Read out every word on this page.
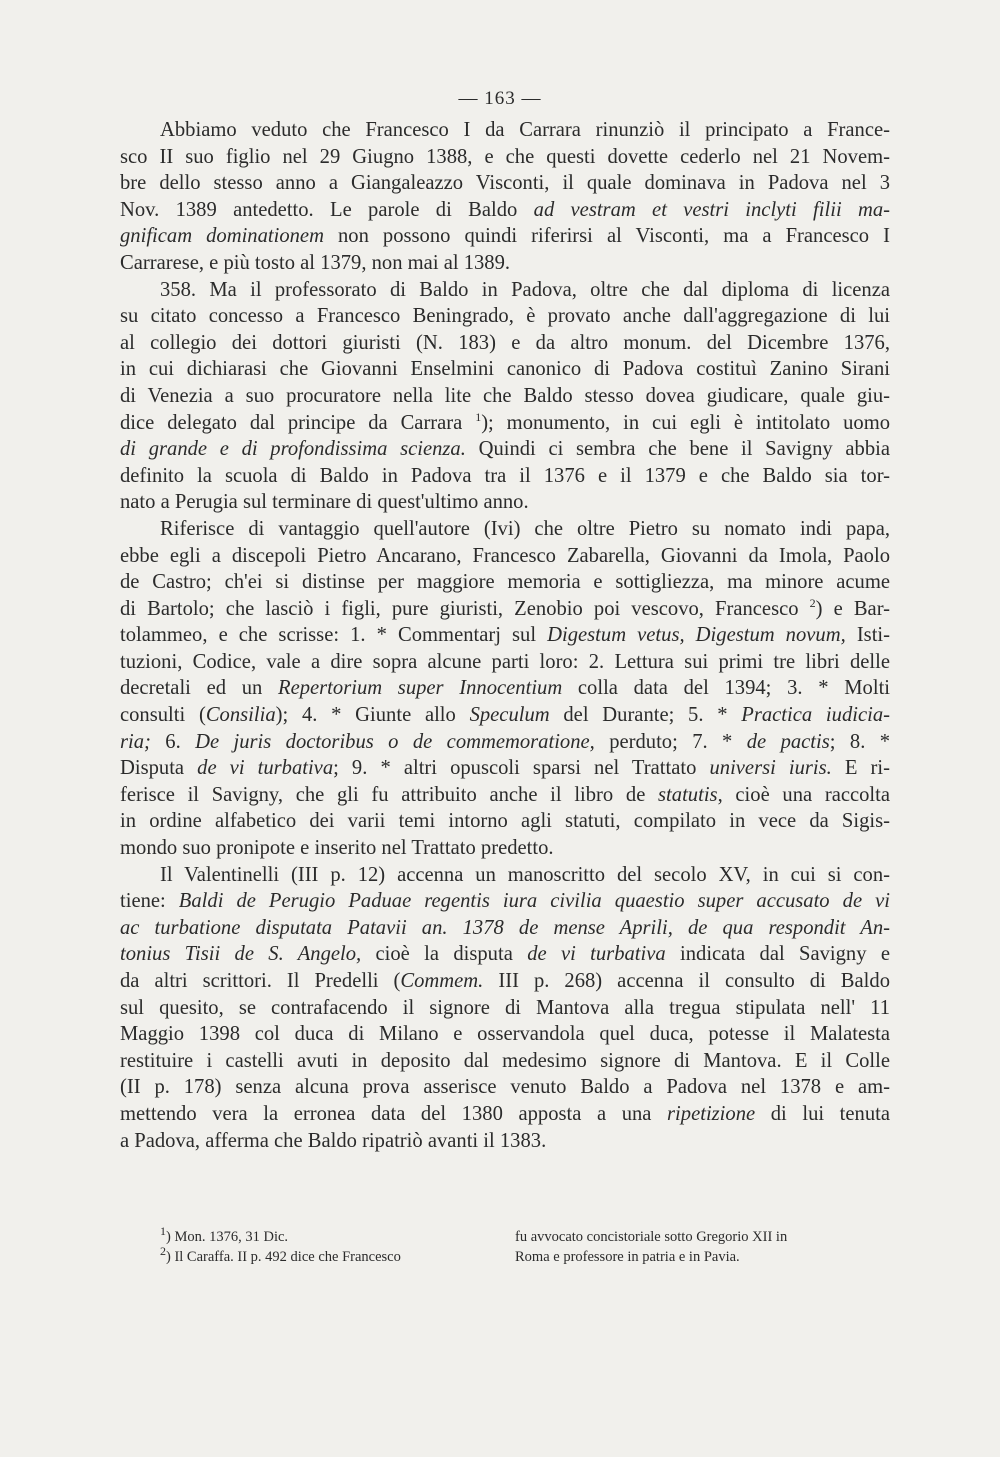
— 163 —
Abbiamo veduto che Francesco I da Carrara rinunziò il principato a France-
sco II suo figlio nel 29 Giugno 1388, e che questi dovette cederlo nel 21 Novem-
bre dello stesso anno a Giangaleazzo Visconti, il quale dominava in Padova nel 3
Nov. 1389 antedetto. Le parole di Baldo ad vestram et vestri inclyti filii ma-
gnificam dominationem non possono quindi riferirsi al Visconti, ma a Francesco I
Carrarese, e più tosto al 1379, non mai al 1389.
358. Ma il professorato di Baldo in Padova, oltre che dal diploma di licenza
su citato concesso a Francesco Beningrado, è provato anche dall'aggregazione di lui
al collegio dei dottori giuristi (N. 183) e da altro monum. del Dicembre 1376,
in cui dichiarasi che Giovanni Enselmini canonico di Padova costituì Zanino Sirani
di Venezia a suo procuratore nella lite che Baldo stesso dovea giudicare, quale giu-
dice delegato dal principe da Carrara $^1$); monumento, in cui egli è intitolato uomo
di grande e di profondissima scienza. Quindi ci sembra che bene il Savigny abbia
definito la scuola di Baldo in Padova tra il 1376 e il 1379 e che Baldo sia tor-
nato a Perugia sul terminare di quest'ultimo anno.
Riferisce di vantaggio quell'autore (Ivi) che oltre Pietro su nomato indi papa,
ebbe egli a discepoli Pietro Ancarano, Francesco Zabarella, Giovanni da Imola, Paolo
de Castro; ch'ei si distinse per maggiore memoria e sottigliezza, ma minore acume
di Bartolo; che lasciò i figli, pure giuristi, Zenobio poi vescovo, Francesco $^2$) e Bar-
tolammeo, e che scrisse: 1. * Commentarj sul Digestum vetus, Digestum novum, Isti-
tuzioni, Codice, vale a dire sopra alcune parti loro: 2. Lettura sui primi tre libri delle
decretali ed un Repertorium super Innocentium colla data del 1394; 3. * Molti
consulti (Consilia); 4. * Giunte allo Speculum del Durante; 5. * Practica iudicia-
ria; 6. De juris doctoribus o de commemoratione, perduto; 7. * de pactis; 8. *
Disputa de vi turbativa; 9. * altri opuscoli sparsi nel Trattato universi iuris. E ri-
ferisce il Savigny, che gli fu attribuito anche il libro de statutis, cioè una raccolta
in ordine alfabetico dei varii temi intorno agli statuti, compilato in vece da Sigis-
mondo suo pronipote e inserito nel Trattato predetto.
Il Valentinelli (III p. 12) accenna un manoscritto del secolo XV, in cui si con-
tiene: Baldi de Perugio Paduae regentis iura civilia quaestio super accusato de vi
ac turbatione disputata Patavii an. 1378 de mense Aprili, de qua respondit An-
tonius Tisii de S. Angelo, cioè la disputa de vi turbativa indicata dal Savigny e
da altri scrittori. Il Predelli (Commem. III p. 268) accenna il consulto di Baldo
sul quesito, se contrafacendo il signore di Mantova alla tregua stipulata nell' 11
Maggio 1398 col duca di Milano e osservandola quel duca, potesse il Malatesta
restituire i castelli avuti in deposito dal medesimo signore di Mantova. E il Colle
(II p. 178) senza alcuna prova asserisce venuto Baldo a Padova nel 1378 e am-
mettendo vera la erronea data del 1380 apposta a una ripetizione di lui tenuta
a Padova, afferma che Baldo ripatriò avanti il 1383.
$^1$) Mon. 1376, 31 Dic.
$^2$) Il Caraffa. II p. 492 dice che Francesco
fu avvocato concistoriale sotto Gregorio XII in
Roma e professore in patria e in Pavia.
